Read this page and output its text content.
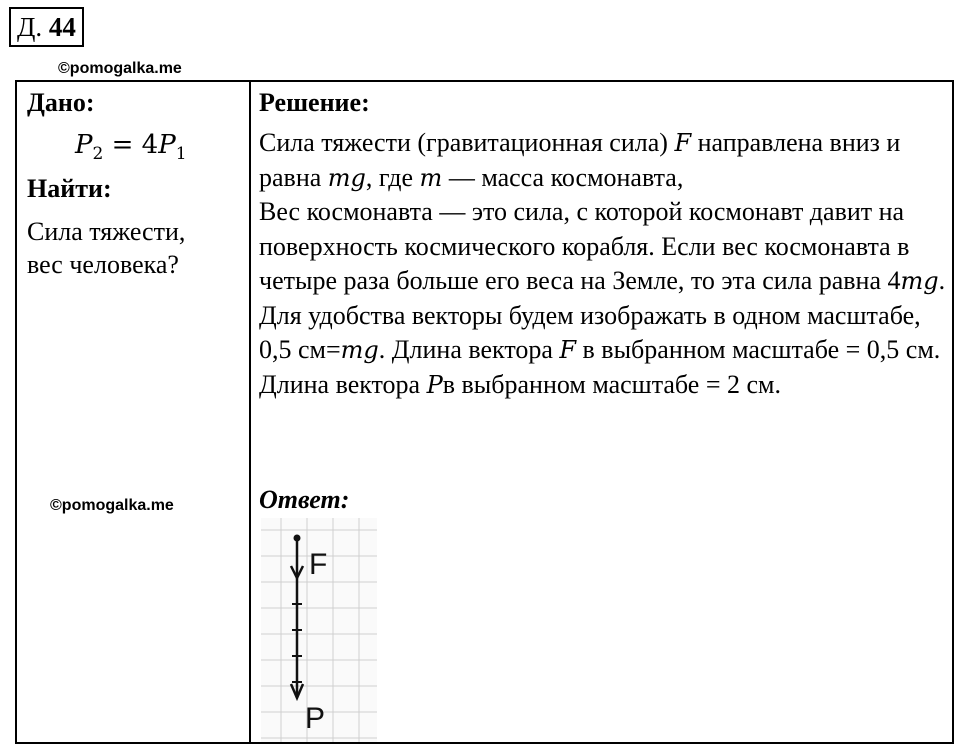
Д. 44
©pomogalka.me
Дано:
$P_2 = 4P_1$
Найти:
Сила тяжести,
вес человека?
Решение:
Сила тяжести (гравитационная сила) F направлена вниз и равна mg, где m — масса космонавта,
Вес космонавта — это сила, с которой космонавт давит на поверхность космического корабля. Если вес космонавта в четыре раза больше его веса на Земле, то эта сила равна 4mg. Для удобства векторы будем изображать в одном масштабе, 0,5 см=mg. Длина вектора F в выбранном масштабе = 0,5 см. Длина вектора Pв выбранном масштабе = 2 см.
Ответ:
F
P
©pomogalka.me
